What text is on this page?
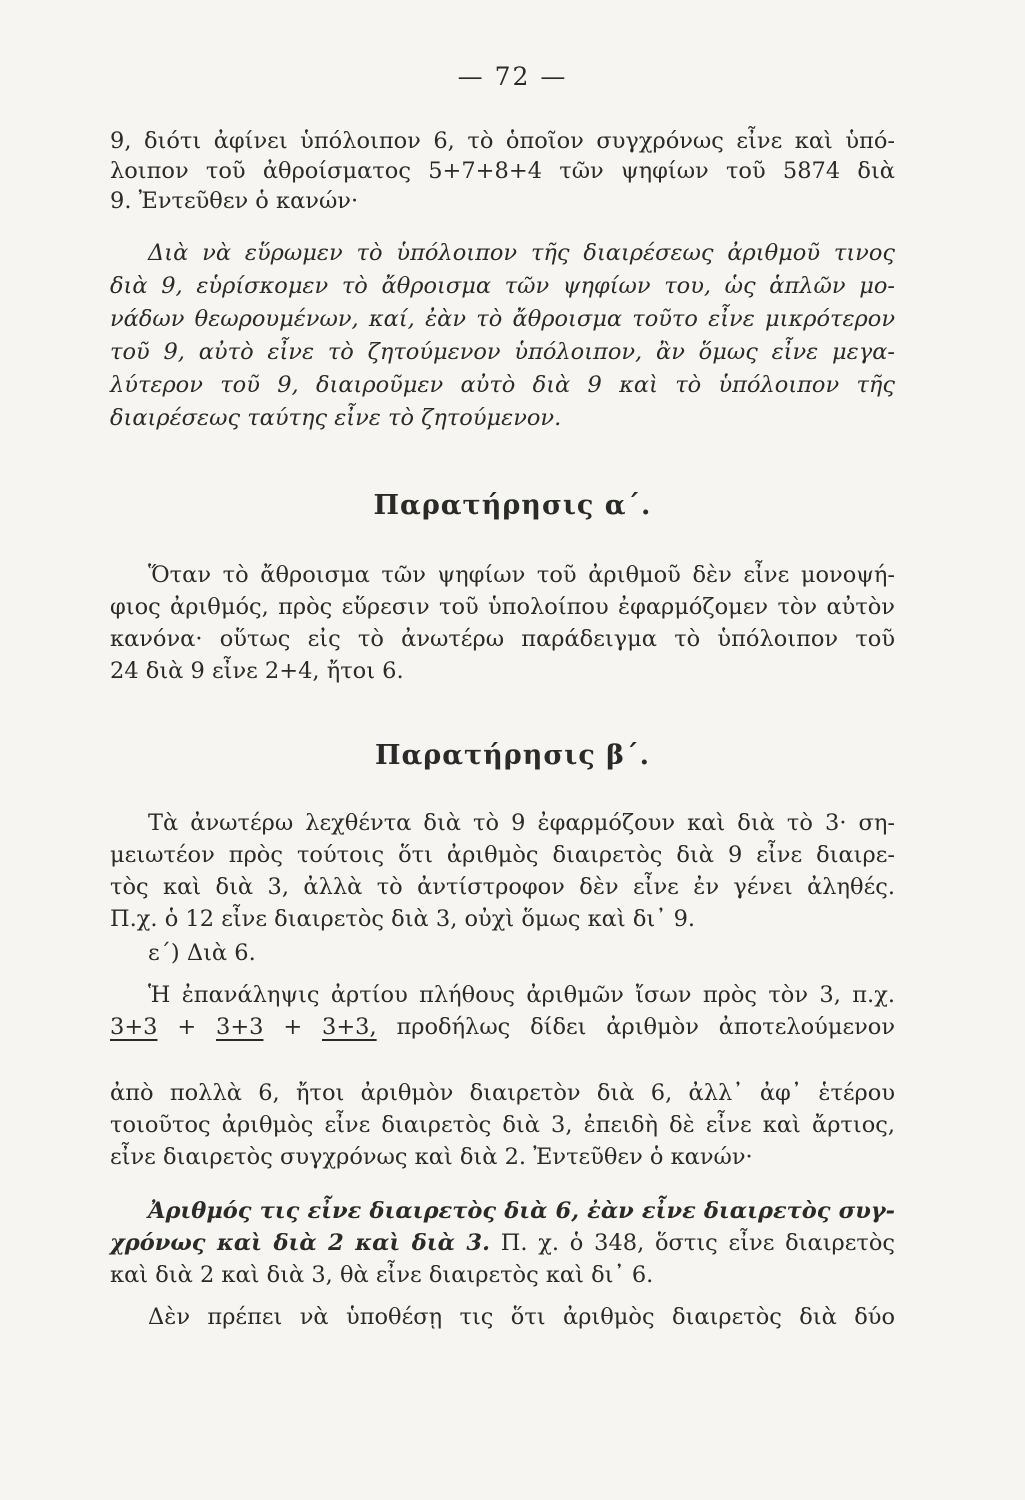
— 72 —
9, διότι ἀφίνει ὑπόλοιπον 6, τὸ ὁποῖον συγχρόνως εἶνε καὶ ὑπό-
λοιπον τοῦ ἀθροίσματος 5+7+8+4 τῶν ψηφίων τοῦ 5874 διὰ
9. Ἐντεῦθεν ὁ κανών·
Διὰ νὰ εὕρωμεν τὸ ὑπόλοιπον τῆς διαιρέσεως ἀριθμοῦ τινος
διὰ 9, εὑρίσκομεν τὸ ἄθροισμα τῶν ψηφίων του, ὡς ἁπλῶν μο-
νάδων θεωρουμένων, καί, ἐὰν τὸ ἄθροισμα τοῦτο εἶνε μικρότερον
τοῦ 9, αὐτὸ εἶνε τὸ ζητούμενον ὑπόλοιπον, ἂν ὅμως εἶνε μεγα-
λύτερον τοῦ 9, διαιροῦμεν αὐτὸ διὰ 9 καὶ τὸ ὑπόλοιπον τῆς
διαιρέσεως ταύτης εἶνε τὸ ζητούμενον.
Παρατήρησις α΄.
Ὅταν τὸ ἄθροισμα τῶν ψηφίων τοῦ ἀριθμοῦ δὲν εἶνε μονοψή-
φιος ἀριθμός, πρὸς εὕρεσιν τοῦ ὑπολοίπου ἐφαρμόζομεν τὸν αὐτὸν
κανόνα· οὕτως εἰς τὸ ἀνωτέρω παράδειγμα τὸ ὑπόλοιπον τοῦ
24 διὰ 9 εἶνε 2+4, ἤτοι 6.
Παρατήρησις β΄.
Τὰ ἀνωτέρω λεχθέντα διὰ τὸ 9 ἐφαρμόζουν καὶ διὰ τὸ 3· ση-
μειωτέον πρὸς τούτοις ὅτι ἀριθμὸς διαιρετὸς διὰ 9 εἶνε διαιρε-
τὸς καὶ διὰ 3, ἀλλὰ τὸ ἀντίστροφον δὲν εἶνε ἐν γένει ἀληθές.
Π.χ. ὁ 12 εἶνε διαιρετὸς διὰ 3, οὐχὶ ὅμως καὶ δι᾽ 9.
ε΄) Διὰ 6.
Ἡ ἐπανάληψις ἀρτίου πλήθους ἀριθμῶν ἴσων πρὸς τὸν 3, π.χ.
3+3 + 3+3 + 3+3, προδήλως δίδει ἀριθμὸν ἀποτελούμενον
ἀπὸ πολλὰ 6, ἤτοι ἀριθμὸν διαιρετὸν διὰ 6, ἀλλ᾽ ἀφ᾽ ἑτέρου
τοιοῦτος ἀριθμὸς εἶνε διαιρετὸς διὰ 3, ἐπειδὴ δὲ εἶνε καὶ ἄρτιος,
εἶνε διαιρετὸς συγχρόνως καὶ διὰ 2. Ἐντεῦθεν ὁ κανών·
Ἀριθμός τις εἶνε διαιρετὸς διὰ 6, ἐὰν εἶνε διαιρετὸς συγ-
χρόνως καὶ διὰ 2 καὶ διὰ 3. Π. χ. ὁ 348, ὅστις εἶνε διαιρετὸς
καὶ διὰ 2 καὶ διὰ 3, θὰ εἶνε διαιρετὸς καὶ δι᾽ 6.
Δὲν πρέπει νὰ ὑποθέσῃ τις ὅτι ἀριθμὸς διαιρετὸς διὰ δύο
